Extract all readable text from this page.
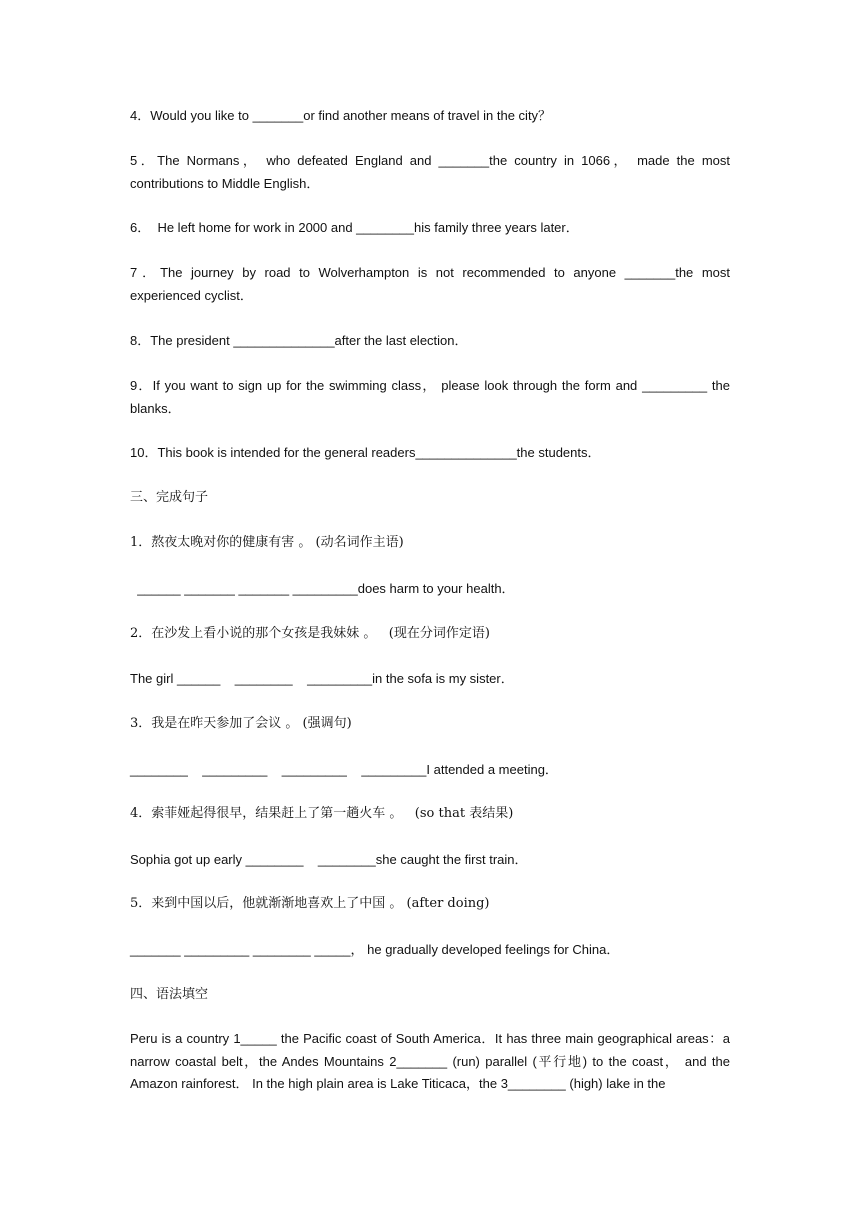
4．Would you like to _______or find another means of travel in the city？
5．The Normans， who defeated England and _______the country in 1066， made the most contributions to Middle English．
6．  He left home for work in 2000 and ________his family three years later．
7．The journey by road to Wolverhampton is not recommended to anyone _______the most experienced cyclist．
8．The president ______________after the last election．
9．If you want to sign up for the swimming class， please look through the form and _________ the blanks．
10．This book is intended for the general readers______________the students．
三、完成句子
1．熬夜太晚对你的健康有害 。 (动名词作主语)
______ _______ _______ _________does harm to your health．
2．在沙发上看小说的那个女孩是我妹妹 。   (现在分词作定语)
The girl ______    ________    _________in the sofa is my sister．
3．我是在昨天参加了会议 。 (强调句)
________    _________    _________    _________I attended a meeting．
4．索菲娅起得很早，结果赶上了第一趟火车 。   (so that 表结果)
Sophia got up early ________    ________she caught the first train．
5．来到中国以后，他就渐渐地喜欢上了中国 。 (after doing)
_______ _________ ________ _____， he gradually developed feelings for China．
四、语法填空
Peru is a country 1_____ the Pacific coast of South America．It has three main geographical areas：a narrow coastal belt，the Andes Mountains 2_______ (run) parallel (平行地) to the coast， and the Amazon rainforest． In the high plain area is Lake Titicaca，the 3________ (high) lake in the
